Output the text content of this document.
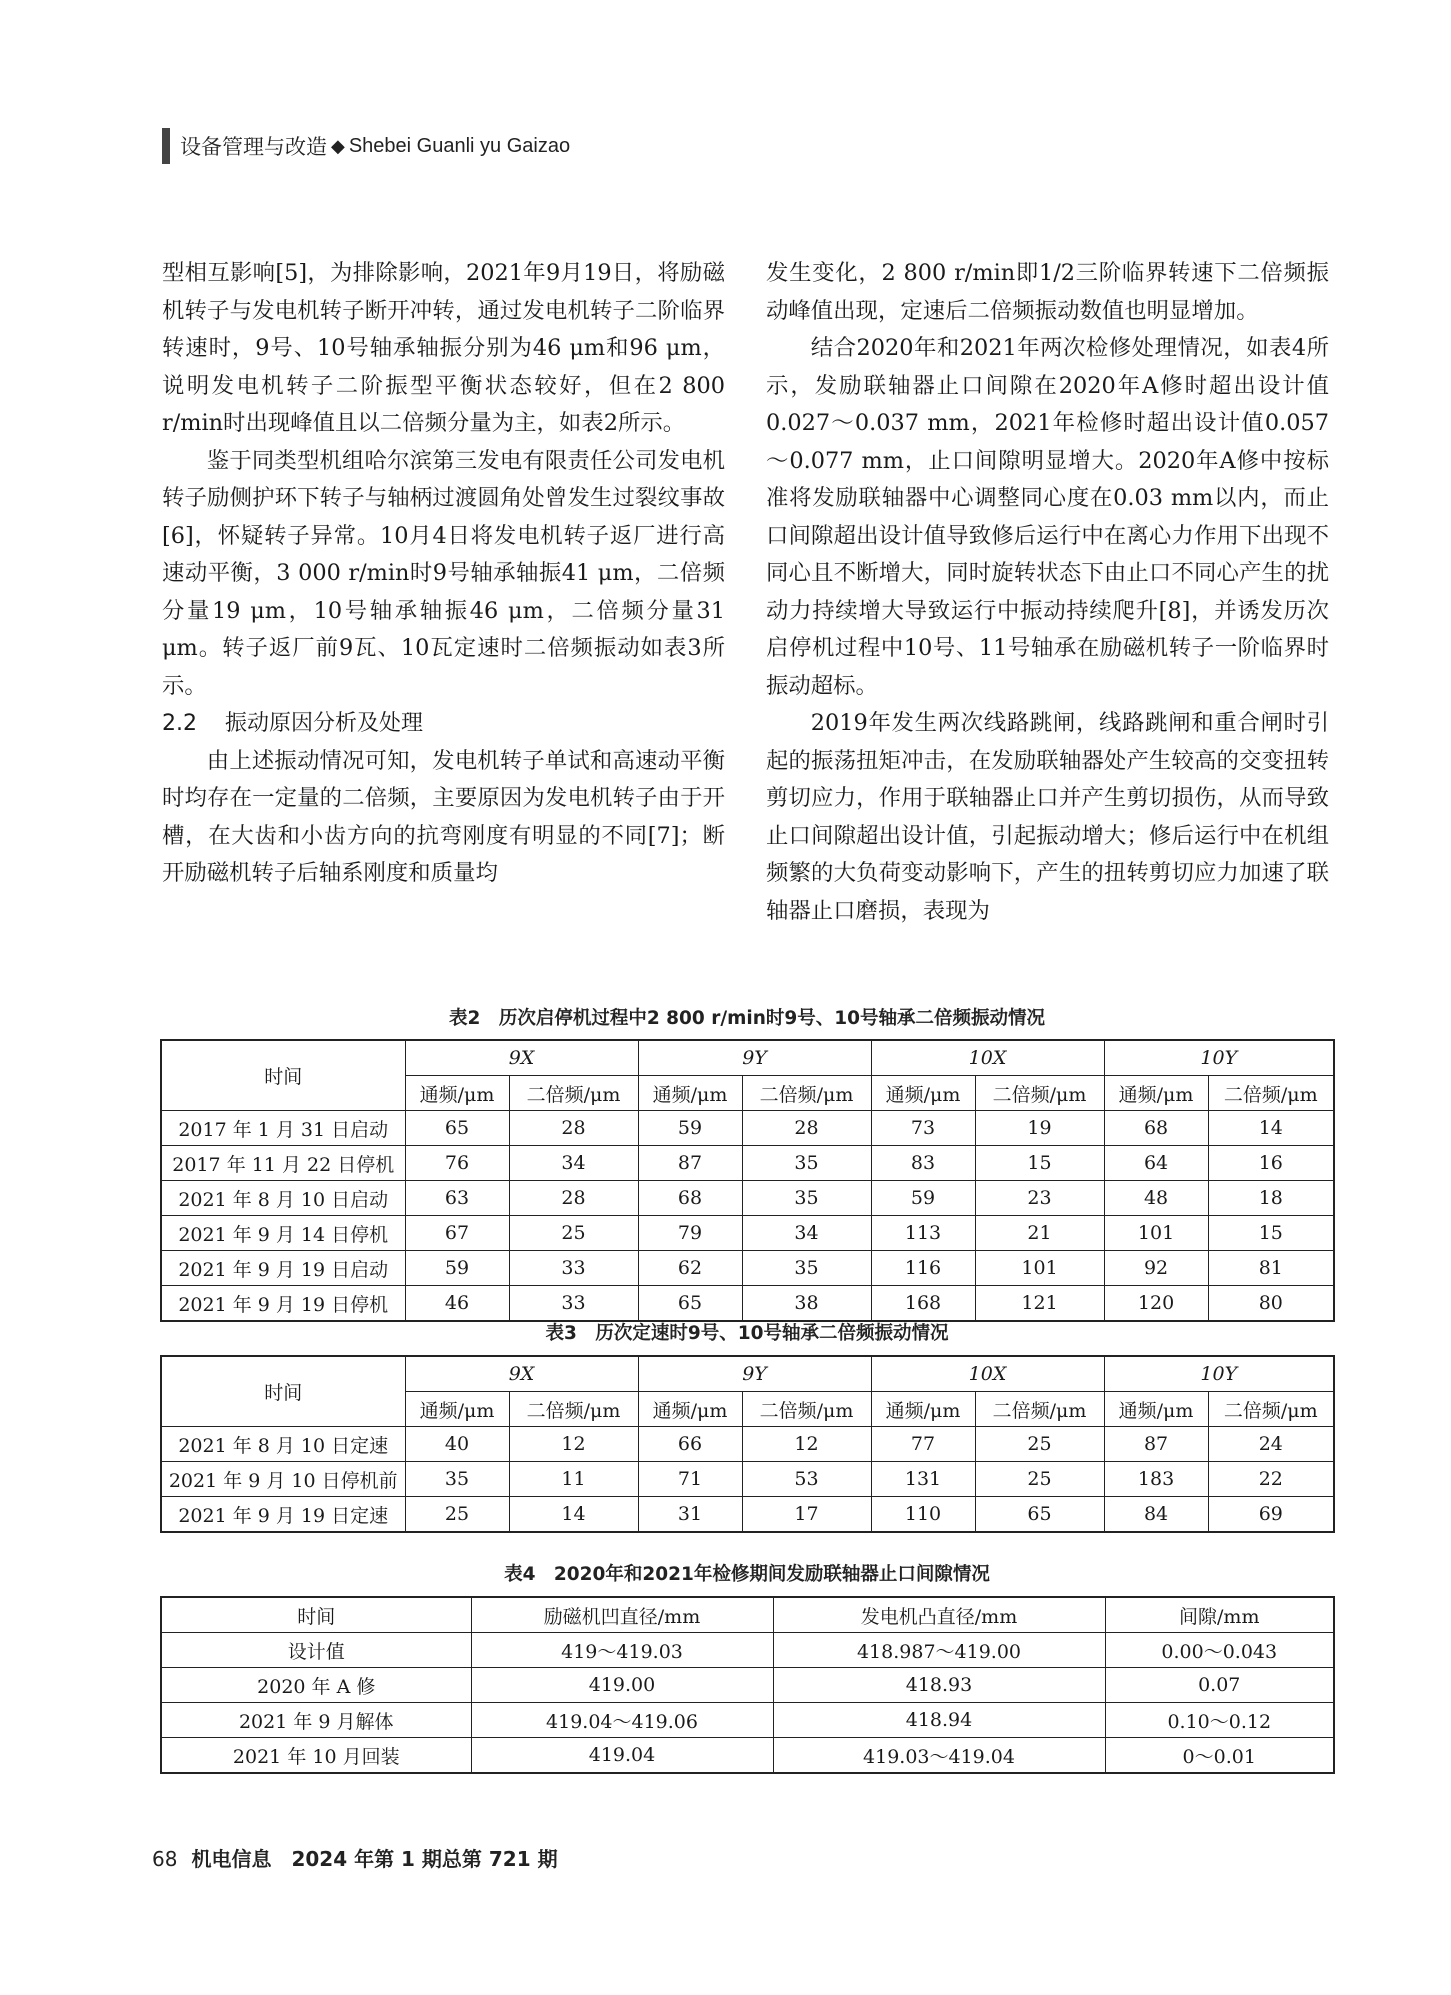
设备管理与改造 ◆ Shebei Guanli yu Gaizao

型相互影响[5]，为排除影响，2021年9月19日，将励磁机转子与发电机转子断开冲转，通过发电机转子二阶临界转速时，9号、10号轴承轴振分别为46 μm和96 μm，说明发电机转子二阶振型平衡状态较好，但在2 800 r/min时出现峰值且以二倍频分量为主，如表2所示。

鉴于同类型机组哈尔滨第三发电有限责任公司发电机转子励侧护环下转子与轴柄过渡圆角处曾发生过裂纹事故[6]，怀疑转子异常。10月4日将发电机转子返厂进行高速动平衡，3 000 r/min时9号轴承轴振41 μm，二倍频分量19 μm，10号轴承轴振46 μm，二倍频分量31 μm。转子返厂前9瓦、10瓦定速时二倍频振动如表3所示。

2.2 振动原因分析及处理

由上述振动情况可知，发电机转子单试和高速动平衡时均存在一定量的二倍频，主要原因为发电机转子由于开槽，在大齿和小齿方向的抗弯刚度有明显的不同[7]；断开励磁机转子后轴系刚度和质量均

发生变化，2 800 r/min即1/2三阶临界转速下二倍频振动峰值出现，定速后二倍频振动数值也明显增加。

结合2020年和2021年两次检修处理情况，如表4所示，发励联轴器止口间隙在2020年A修时超出设计值0.027～0.037 mm，2021年检修时超出设计值0.057～0.077 mm，止口间隙明显增大。2020年A修中按标准将发励联轴器中心调整同心度在0.03 mm以内，而止口间隙超出设计值导致修后运行中在离心力作用下出现不同心且不断增大，同时旋转状态下由止口不同心产生的扰动力持续增大导致运行中振动持续爬升[8]，并诱发历次启停机过程中10号、11号轴承在励磁机转子一阶临界时振动超标。

2019年发生两次线路跳闸，线路跳闸和重合闸时引起的振荡扭矩冲击，在发励联轴器处产生较高的交变扭转剪切应力，作用于联轴器止口并产生剪切损伤，从而导致止口间隙超出设计值，引起振动增大；修后运行中在机组频繁的大负荷变动影响下，产生的扭转剪切应力加速了联轴器止口磨损，表现为

表2　历次启停机过程中2 800 r/min时9号、10号轴承二倍频振动情况
时间	9X		9Y		10X		10Y	
	通频/μm	二倍频/μm	通频/μm	二倍频/μm	通频/μm	二倍频/μm	通频/μm	二倍频/μm
2017 年 1 月 31 日启动	65	28	59	28	73	19	68	14
2017 年 11 月 22 日停机	76	34	87	35	83	15	64	16
2021 年 8 月 10 日启动	63	28	68	35	59	23	48	18
2021 年 9 月 14 日停机	67	25	79	34	113	21	101	15
2021 年 9 月 19 日启动	59	33	62	35	116	101	92	81
2021 年 9 月 19 日停机	46	33	65	38	168	121	120	80
表3　历次定速时9号、10号轴承二倍频振动情况
时间	9X		9Y		10X		10Y	
	通频/μm	二倍频/μm	通频/μm	二倍频/μm	通频/μm	二倍频/μm	通频/μm	二倍频/μm
2021 年 8 月 10 日定速	40	12	66	12	77	25	87	24
2021 年 9 月 10 日停机前	35	11	71	53	131	25	183	22
2021 年 9 月 19 日定速	25	14	31	17	110	65	84	69
表4　2020年和2021年检修期间发励联轴器止口间隙情况
时间	励磁机凹直径/mm	发电机凸直径/mm	间隙/mm
设计值	419～419.03	418.987～419.00	0.00～0.043
2020 年 A 修	419.00	418.93	0.07
2021 年 9 月解体	419.04～419.06	418.94	0.10～0.12
2021 年 10 月回装	419.04	419.03～419.04	0～0.01
68 机电信息　2024 年第 1 期总第 721 期
